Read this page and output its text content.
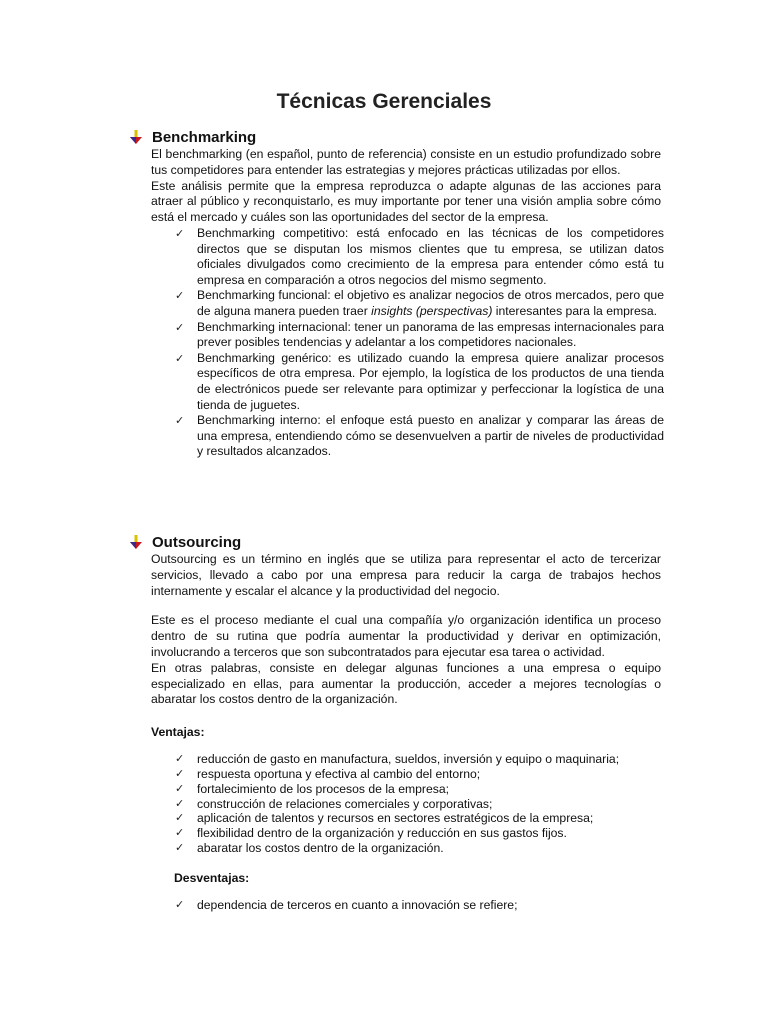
Técnicas Gerenciales
Benchmarking

El benchmarking (en español, punto de referencia) consiste en un estudio profundizado sobre tus competidores para entender las estrategias y mejores prácticas utilizadas por ellos.

Este análisis permite que la empresa reproduzca o adapte algunas de las acciones para atraer al público y reconquistarlo, es muy importante por tener una visión amplia sobre cómo está el mercado y cuáles son las oportunidades del sector de la empresa.

✓ Benchmarking competitivo: está enfocado en las técnicas de los competidores directos que se disputan los mismos clientes que tu empresa, se utilizan datos oficiales divulgados como crecimiento de la empresa para entender cómo está tu empresa en comparación a otros negocios del mismo segmento.
✓ Benchmarking funcional: el objetivo es analizar negocios de otros mercados, pero que de alguna manera pueden traer insights (perspectivas) interesantes para la empresa.
✓ Benchmarking internacional: tener un panorama de las empresas internacionales para prever posibles tendencias y adelantar a los competidores nacionales.
✓ Benchmarking genérico: es utilizado cuando la empresa quiere analizar procesos específicos de otra empresa. Por ejemplo, la logística de los productos de una tienda de electrónicos puede ser relevante para optimizar y perfeccionar la logística de una tienda de juguetes.
✓ Benchmarking interno: el enfoque está puesto en analizar y comparar las áreas de una empresa, entendiendo cómo se desenvuelven a partir de niveles de productividad y resultados alcanzados.
Outsourcing

Outsourcing es un término en inglés que se utiliza para representar el acto de tercerizar servicios, llevado a cabo por una empresa para reducir la carga de trabajos hechos internamente y escalar el alcance y la productividad del negocio.

Este es el proceso mediante el cual una compañía y/o organización identifica un proceso dentro de su rutina que podría aumentar la productividad y derivar en optimización, involucrando a terceros que son subcontratados para ejecutar esa tarea o actividad.

En otras palabras, consiste en delegar algunas funciones a una empresa o equipo especializado en ellas, para aumentar la producción, acceder a mejores tecnologías o abaratar los costos dentro de la organización.

Ventajas:

✓ reducción de gasto en manufactura, sueldos, inversión y equipo o maquinaria;
✓ respuesta oportuna y efectiva al cambio del entorno;
✓ fortalecimiento de los procesos de la empresa;
✓ construcción de relaciones comerciales y corporativas;
✓ aplicación de talentos y recursos en sectores estratégicos de la empresa;
✓ flexibilidad dentro de la organización y reducción en sus gastos fijos.
✓ abaratar los costos dentro de la organización.

Desventajas:

✓ dependencia de terceros en cuanto a innovación se refiere;
